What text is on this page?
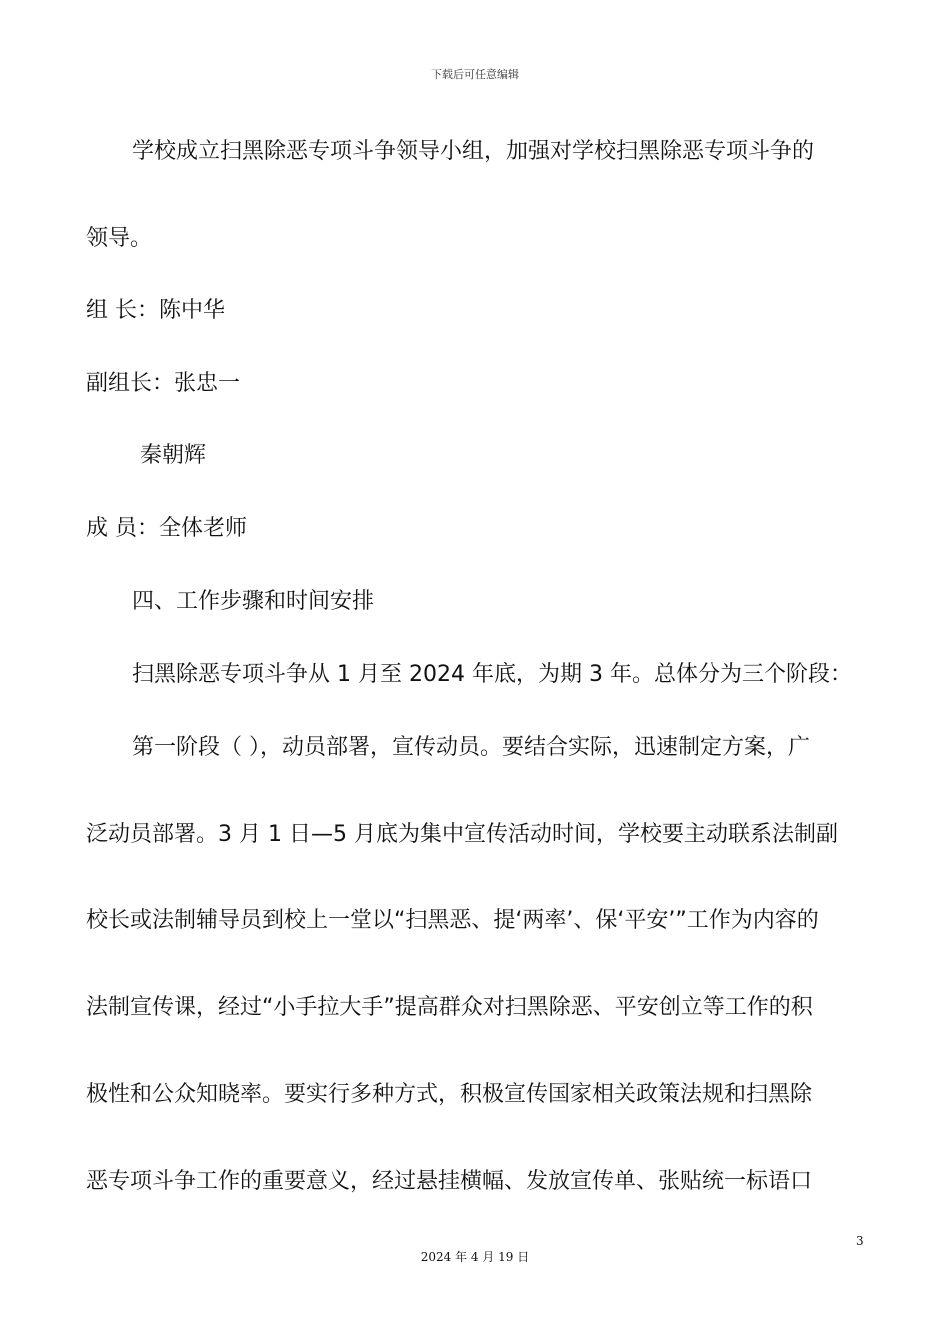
下载后可任意编辑
学校成立扫黑除恶专项斗争领导小组，加强对学校扫黑除恶专项斗争的
领导。
组 长：陈中华
副组长：张忠一
秦朝辉
成 员：全体老师
四、工作步骤和时间安排
扫黑除恶专项斗争从 1 月至 2024 年底，为期 3 年。总体分为三个阶段：
第一阶段（ ），动员部署，宣传动员。要结合实际，迅速制定方案，广
泛动员部署。3 月 1 日—5 月底为集中宣传活动时间，学校要主动联系法制副
校长或法制辅导员到校上一堂以“扫黑恶、提‘两率’、保‘平安’”工作为内容的
法制宣传课，经过“小手拉大手”提高群众对扫黑除恶、平安创立等工作的积
极性和公众知晓率。要实行多种方式，积极宣传国家相关政策法规和扫黑除
恶专项斗争工作的重要意义，经过悬挂横幅、发放宣传单、张贴统一标语口
3
2024 年 4 月 19 日
